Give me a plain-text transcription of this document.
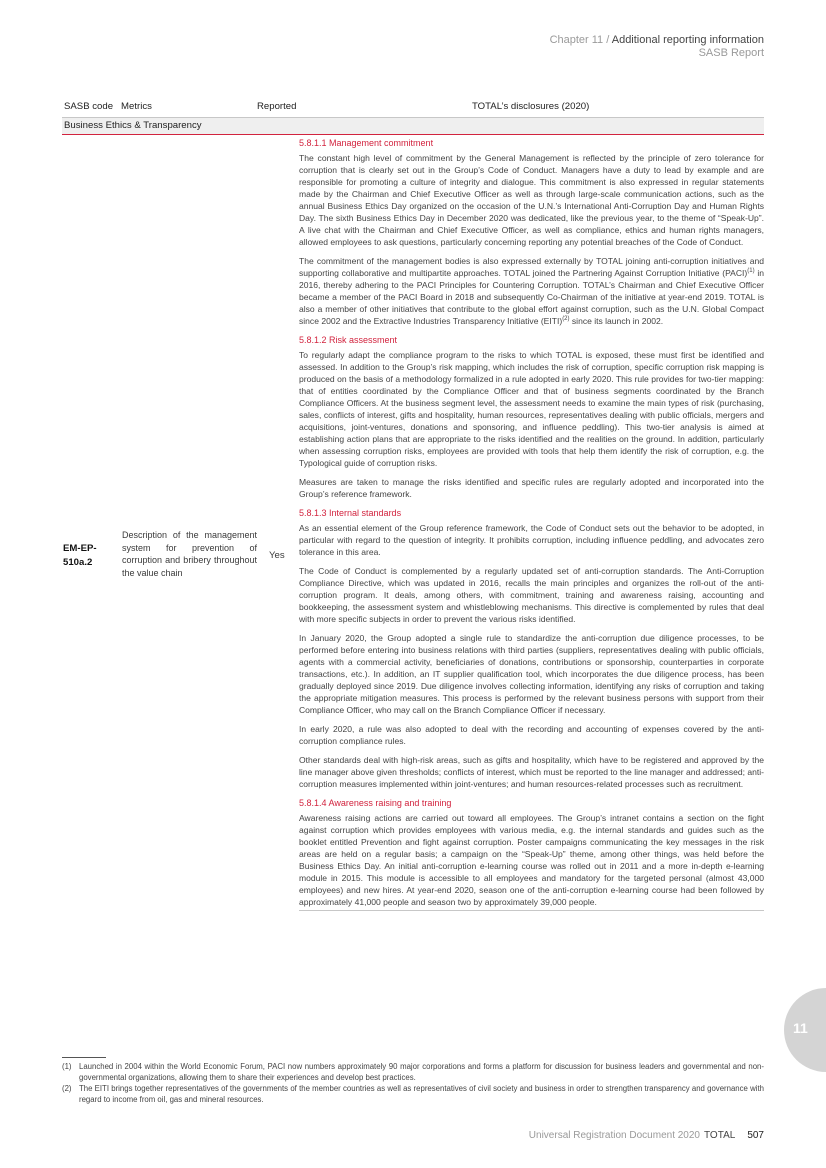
Chapter 11 / Additional reporting information
SASB Report
SASB code Metrics	Reported	TOTAL’s disclosures (2020)
Business Ethics & Transparency
EM-EP-510a.2
Description of the management system for prevention of corruption and bribery throughout the value chain
Yes
5.8.1.1 Management commitment

The constant high level of commitment by the General Management is reflected by the principle of zero tolerance for corruption that is clearly set out in the Group’s Code of Conduct. Managers have a duty to lead by example and are responsible for promoting a culture of integrity and dialogue. This commitment is also expressed in regular statements made by the Chairman and Chief Executive Officer as well as through large-scale communication actions, such as the annual Business Ethics Day organized on the occasion of the U.N.’s International Anti-Corruption Day and Human Rights Day. The sixth Business Ethics Day in December 2020 was dedicated, like the previous year, to the theme of “Speak-Up”. A live chat with the Chairman and Chief Executive Officer, as well as compliance, ethics and human rights managers, allowed employees to ask questions, particularly concerning reporting any potential breaches of the Code of Conduct.

The commitment of the management bodies is also expressed externally by TOTAL joining anti-corruption initiatives and supporting collaborative and multipartite approaches. TOTAL joined the Partnering Against Corruption Initiative (PACI)$^{(1)}$ in 2016, thereby adhering to the PACI Principles for Countering Corruption. TOTAL’s Chairman and Chief Executive Officer became a member of the PACI Board in 2018 and subsequently Co-Chairman of the initiative at year-end 2019. TOTAL is also a member of other initiatives that contribute to the global effort against corruption, such as the U.N. Global Compact since 2002 and the Extractive Industries Transparency Initiative (EITI)$^{(2)}$ since its launch in 2002.

5.8.1.2 Risk assessment

To regularly adapt the compliance program to the risks to which TOTAL is exposed, these must first be identified and assessed. In addition to the Group’s risk mapping, which includes the risk of corruption, specific corruption risk mapping is produced on the basis of a methodology formalized in a rule adopted in early 2020. This rule provides for two-tier mapping: that of entities coordinated by the Compliance Officer and that of business segments coordinated by the Branch Compliance Officers. At the business segment level, the assessment needs to examine the main types of risk (purchasing, sales, conflicts of interest, gifts and hospitality, human resources, representatives dealing with public officials, mergers and acquisitions, joint-ventures, donations and sponsoring, and influence peddling). This two-tier analysis is aimed at establishing action plans that are appropriate to the risks identified and the realities on the ground. In addition, particularly when assessing corruption risks, employees are provided with tools that help them identify the risk of corruption, e.g. the Typological guide of corruption risks.

Measures are taken to manage the risks identified and specific rules are regularly adopted and incorporated into the Group’s reference framework.

5.8.1.3 Internal standards

As an essential element of the Group reference framework, the Code of Conduct sets out the behavior to be adopted, in particular with regard to the question of integrity. It prohibits corruption, including influence peddling, and advocates zero tolerance in this area.

The Code of Conduct is complemented by a regularly updated set of anti-corruption standards. The Anti-Corruption Compliance Directive, which was updated in 2016, recalls the main principles and organizes the roll-out of the anti-corruption program. It deals, among others, with commitment, training and awareness raising, accounting and bookkeeping, the assessment system and whistleblowing mechanisms. This directive is complemented by rules that deal with more specific subjects in order to prevent the various risks identified.

In January 2020, the Group adopted a single rule to standardize the anti-corruption due diligence processes, to be performed before entering into business relations with third parties (suppliers, representatives dealing with public officials, agents with a commercial activity, beneficiaries of donations, contributions or sponsorship, counterparties in corporate transactions, etc.). In addition, an IT supplier qualification tool, which incorporates the due diligence process, has been gradually deployed since 2019. Due diligence involves collecting information, identifying any risks of corruption and taking the appropriate mitigation measures. This process is performed by the relevant business persons with support from their Compliance Officer, who may call on the Branch Compliance Officer if necessary.

In early 2020, a rule was also adopted to deal with the recording and accounting of expenses covered by the anti-corruption compliance rules.

Other standards deal with high-risk areas, such as gifts and hospitality, which have to be registered and approved by the line manager above given thresholds; conflicts of interest, which must be reported to the line manager and addressed; anti-corruption measures implemented within joint-ventures; and human resources-related processes such as recruitment.

5.8.1.4 Awareness raising and training

Awareness raising actions are carried out toward all employees. The Group’s intranet contains a section on the fight against corruption which provides employees with various media, e.g. the internal standards and guides such as the booklet entitled Prevention and fight against corruption. Poster campaigns communicating the key messages in the risk areas are held on a regular basis; a campaign on the “Speak-Up” theme, among other things, was held before the Business Ethics Day. An initial anti-corruption e-learning course was rolled out in 2011 and a more in-depth e-learning module in 2015. This module is accessible to all employees and mandatory for the targeted personal (almost 43,000 employees) and new hires. At year-end 2020, season one of the anti-corruption e-learning course had been followed by approximately 41,000 people and season two by approximately 39,000 people.

11
(1) Launched in 2004 within the World Economic Forum, PACI now numbers approximately 90 major corporations and forms a platform for discussion for business leaders and governmental and non-governmental organizations, allowing them to share their experiences and develop best practices.
(2) The EITI brings together representatives of the governments of the member countries as well as representatives of civil society and business in order to strengthen transparency and governance with regard to income from oil, gas and mineral resources.
Universal Registration Document 2020 TOTAL 507
